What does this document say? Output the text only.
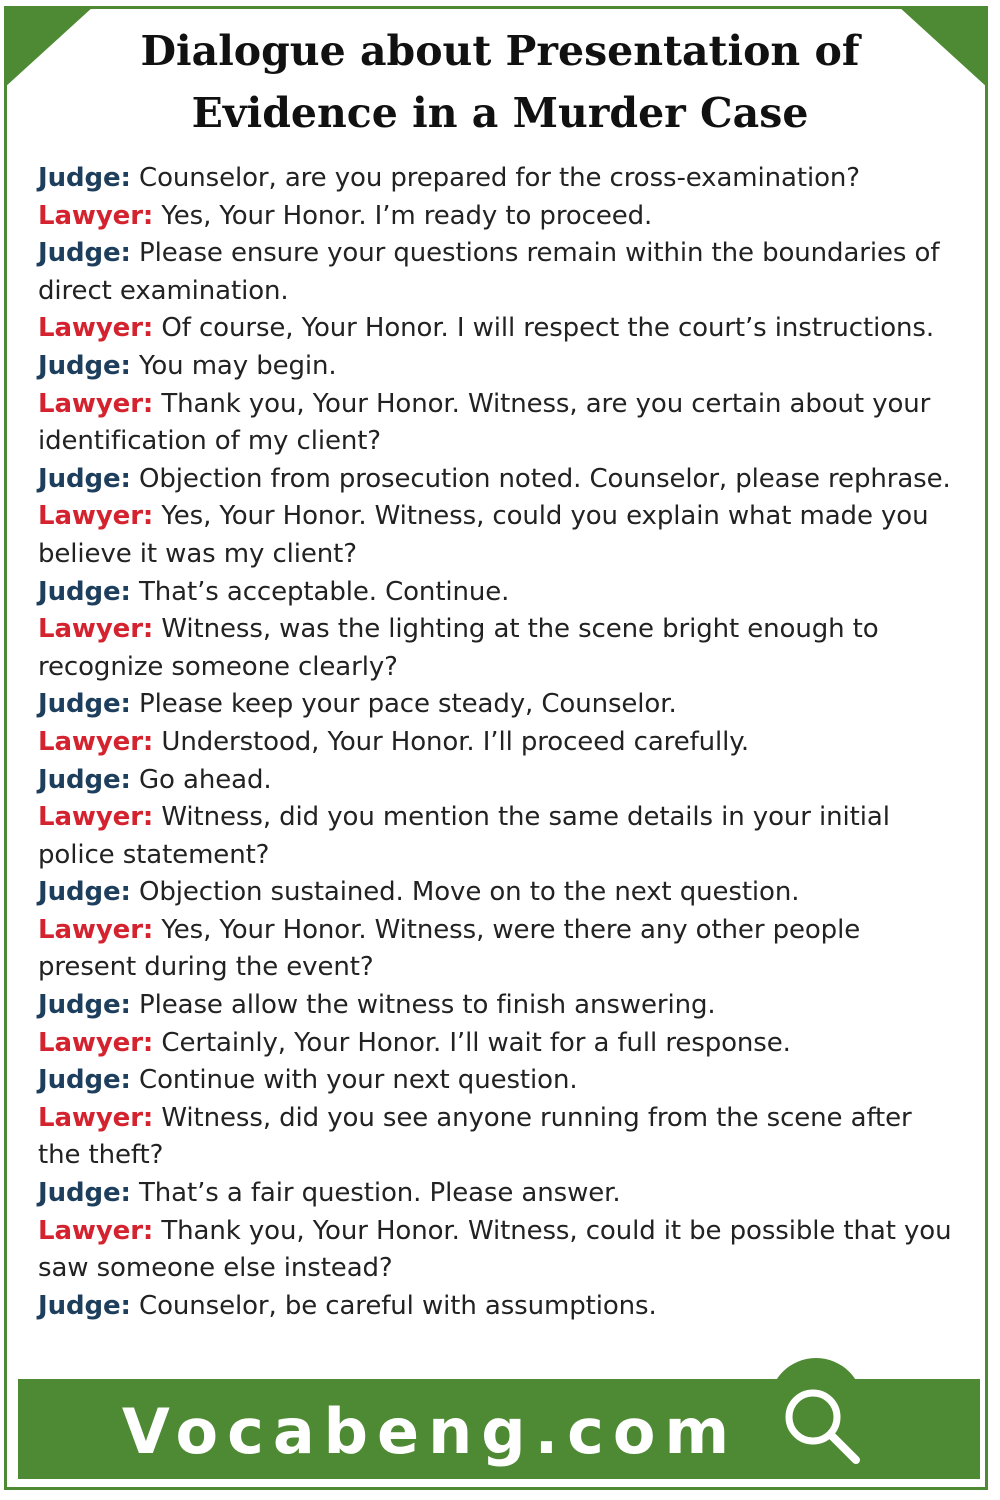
Dialogue about Presentation of
Evidence in a Murder Case
Judge: Counselor, are you prepared for the cross-examination?
Lawyer: Yes, Your Honor. I’m ready to proceed.
Judge: Please ensure your questions remain within the boundaries of direct examination.
Lawyer: Of course, Your Honor. I will respect the court’s instructions.
Judge: You may begin.
Lawyer: Thank you, Your Honor. Witness, are you certain about your identification of my client?
Judge: Objection from prosecution noted. Counselor, please rephrase.
Lawyer: Yes, Your Honor. Witness, could you explain what made you believe it was my client?
Judge: That’s acceptable. Continue.
Lawyer: Witness, was the lighting at the scene bright enough to recognize someone clearly?
Judge: Please keep your pace steady, Counselor.
Lawyer: Understood, Your Honor. I’ll proceed carefully.
Judge: Go ahead.
Lawyer: Witness, did you mention the same details in your initial police statement?
Judge: Objection sustained. Move on to the next question.
Lawyer: Yes, Your Honor. Witness, were there any other people present during the event?
Judge: Please allow the witness to finish answering.
Lawyer: Certainly, Your Honor. I’ll wait for a full response.
Judge: Continue with your next question.
Lawyer: Witness, did you see anyone running from the scene after the theft?
Judge: That’s a fair question. Please answer.
Lawyer: Thank you, Your Honor. Witness, could it be possible that you saw someone else instead?
Judge: Counselor, be careful with assumptions.
Vocabeng.com
